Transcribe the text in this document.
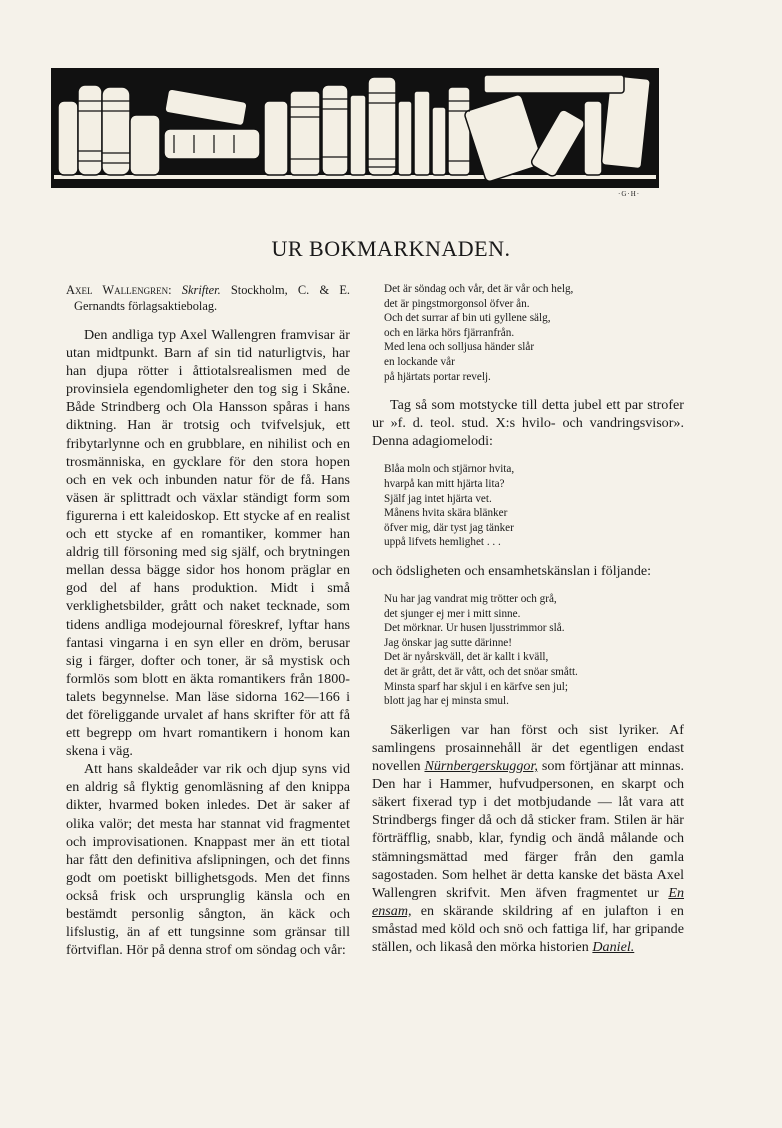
·G·H·
UR BOKMARKNADEN.
Axel Wallengren: Skrifter. Stockholm, C. & E. Gernandts förlagsaktiebolag.

Den andliga typ Axel Wallengren framvisar är utan midtpunkt. Barn af sin tid naturligtvis, har han djupa rötter i åttiotalsrealismen med de provinsiela egendomligheter den tog sig i Skåne. Både Strindberg och Ola Hansson spåras i hans diktning. Han är trotsig och tvifvelsjuk, ett fribytarlynne och en grubblare, en nihilist och en trosmänniska, en gycklare för den stora hopen och en vek och inbunden natur för de få. Hans väsen är splittradt och växlar ständigt form som figurerna i ett kaleidoskop. Ett stycke af en realist och ett stycke af en romantiker, kommer han aldrig till försoning med sig själf, och brytningen mellan dessa bägge sidor hos honom präglar en god del af hans produktion. Midt i små verklighetsbilder, grått och naket tecknade, som tidens andliga modejournal föreskref, lyftar hans fantasi vingarna i en syn eller en dröm, berusar sig i färger, dofter och toner, är så mystisk och formlös som blott en äkta romantikers från 1800-talets begynnelse. Man läse sidorna 162—166 i det föreliggande urvalet af hans skrifter för att få ett begrepp om hvart romantikern i honom kan skena i väg.

Att hans skaldeåder var rik och djup syns vid en aldrig så flyktig genomläsning af den knippa dikter, hvarmed boken inledes. Det är saker af olika valör; det mesta har stannat vid fragmentet och improvisationen. Knappast mer än ett tiotal har fått den definitiva afslipningen, och det finns godt om poetiskt billighetsgods. Men det finns också frisk och ursprunglig känsla och en bestämdt personlig sångton, än käck och lifslustig, än af ett tungsinne som gränsar till förtviflan. Hör på denna strof om söndag och vår:

Det är söndag och vår, det är vår och helg,
det är pingstmorgonsol öfver ån.
Och det surrar af bin uti gyllene sälg,
och en lärka hörs fjärranfrån.
Med lena och solljusa händer slår
en lockande vår
på hjärtats portar revelj.

Tag så som motstycke till detta jubel ett par strofer ur »f. d. teol. stud. X:s hvilo- och vandringsvisor». Denna adagiomelodi:

Blåa moln och stjärnor hvita,
hvarpå kan mitt hjärta lita?
Själf jag intet hjärta vet.
Månens hvita skära blänker
öfver mig, där tyst jag tänker
uppå lifvets hemlighet . . .

och ödsligheten och ensamhetskänslan i följande:

Nu har jag vandrat mig trötter och grå,
det sjunger ej mer i mitt sinne.
Det mörknar. Ur husen ljusstrimmor slå.
Jag önskar jag sutte därinne!
Det är nyårskväll, det är kallt i kväll,
det är grått, det är vått, och det snöar smått.
Minsta sparf har skjul i en kärfve sen jul;
blott jag har ej minsta smul.

Säkerligen var han först och sist lyriker. Af samlingens prosainnehåll är det egentligen endast novellen Nürnbergerskuggor, som förtjänar att minnas. Den har i Hammer, hufvudpersonen, en skarpt och säkert fixerad typ i det motbjudande — låt vara att Strindbergs finger då och då sticker fram. Stilen är här förträfflig, snabb, klar, fyndig och ändå målande och stämningsmättad med färger från den gamla sagostaden. Som helhet är detta kanske det bästa Axel Wallengren skrifvit. Men äfven fragmentet ur En ensam, en skärande skildring af en julafton i en småstad med köld och snö och fattiga lif, har gripande ställen, och likaså den mörka historien Daniel.
